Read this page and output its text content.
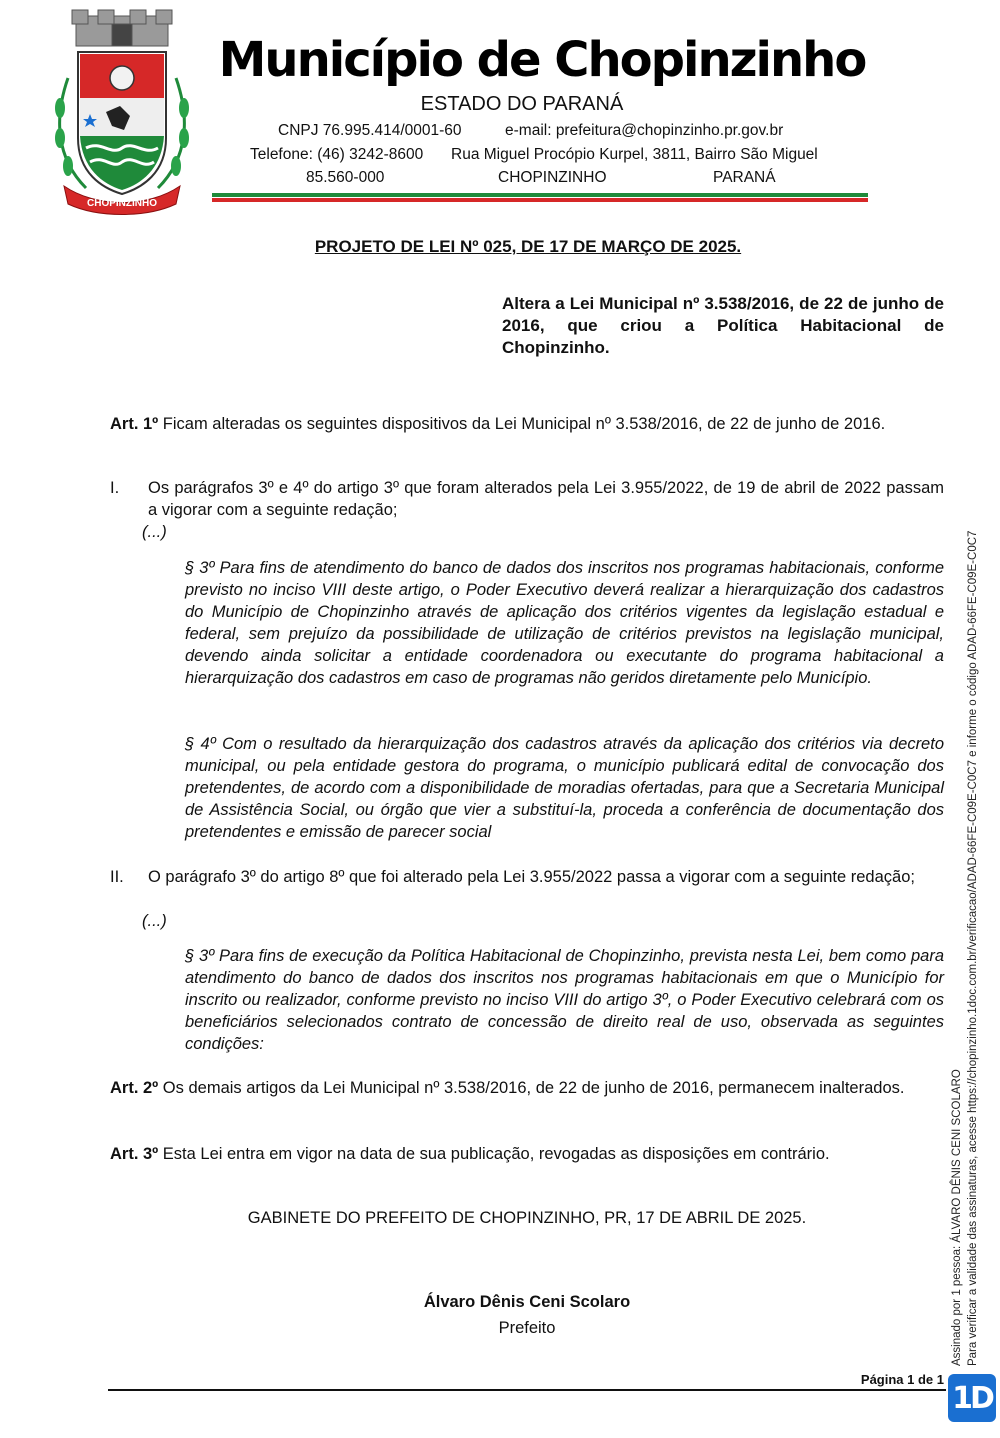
CHOPINZINHO
Município de Chopinzinho
ESTADO DO PARANÁ
CNPJ 76.995.414/0001-60	e-mail: prefeitura@chopinzinho.pr.gov.br
Telefone: (46) 3242-8600 Rua Miguel Procópio Kurpel, 3811, Bairro São Miguel
85.560-000	CHOPINZINHO	PARANÁ
PROJETO DE LEI Nº 025, DE 17 DE MARÇO DE 2025.
Altera a Lei Municipal nº 3.538/2016, de 22 de junho de 2016, que criou a Política Habitacional de Chopinzinho.
Art. 1º Ficam alteradas os seguintes dispositivos da Lei Municipal nº 3.538/2016, de 22 de junho de 2016.
I. Os parágrafos 3º e 4º do artigo 3º que foram alterados pela Lei 3.955/2022, de 19 de abril de 2022 passam a vigorar com a seguinte redação;
(...)
§ 3º Para fins de atendimento do banco de dados dos inscritos nos programas habitacionais, conforme previsto no inciso VIII deste artigo, o Poder Executivo deverá realizar a hierarquização dos cadastros do Município de Chopinzinho através de aplicação dos critérios vigentes da legislação estadual e federal, sem prejuízo da possibilidade de utilização de critérios previstos na legislação municipal, devendo ainda solicitar a entidade coordenadora ou executante do programa habitacional a hierarquização dos cadastros em caso de programas não geridos diretamente pelo Município.
§ 4º Com o resultado da hierarquização dos cadastros através da aplicação dos critérios via decreto municipal, ou pela entidade gestora do programa, o município publicará edital de convocação dos pretendentes, de acordo com a disponibilidade de moradias ofertadas, para que a Secretaria Municipal de Assistência Social, ou órgão que vier a substituí-la, proceda a conferência de documentação dos pretendentes e emissão de parecer social
II. O parágrafo 3º do artigo 8º que foi alterado pela Lei 3.955/2022 passa a vigorar com a seguinte redação;
(...)
§ 3º Para fins de execução da Política Habitacional de Chopinzinho, prevista nesta Lei, bem como para atendimento do banco de dados dos inscritos nos programas habitacionais em que o Município for inscrito ou realizador, conforme previsto no inciso VIII do artigo 3º, o Poder Executivo celebrará com os beneficiários selecionados contrato de concessão de direito real de uso, observada as seguintes condições:
Art. 2º Os demais artigos da Lei Municipal nº 3.538/2016, de 22 de junho de 2016, permanecem inalterados.
Art. 3º Esta Lei entra em vigor na data de sua publicação, revogadas as disposições em contrário.
GABINETE DO PREFEITO DE CHOPINZINHO, PR, 17 DE ABRIL DE 2025.
Álvaro Dênis Ceni Scolaro
Prefeito
Página 1 de 1
Assinado por 1 pessoa: ÁLVARO DÊNIS CENI SCOLARO Para verificar a validade das assinaturas, acesse https://chopinzinho.1doc.com.br/verificacao/ADAD-66FE-C09E-C0C7 e informe o código ADAD-66FE-C09E-C0C7
1D
